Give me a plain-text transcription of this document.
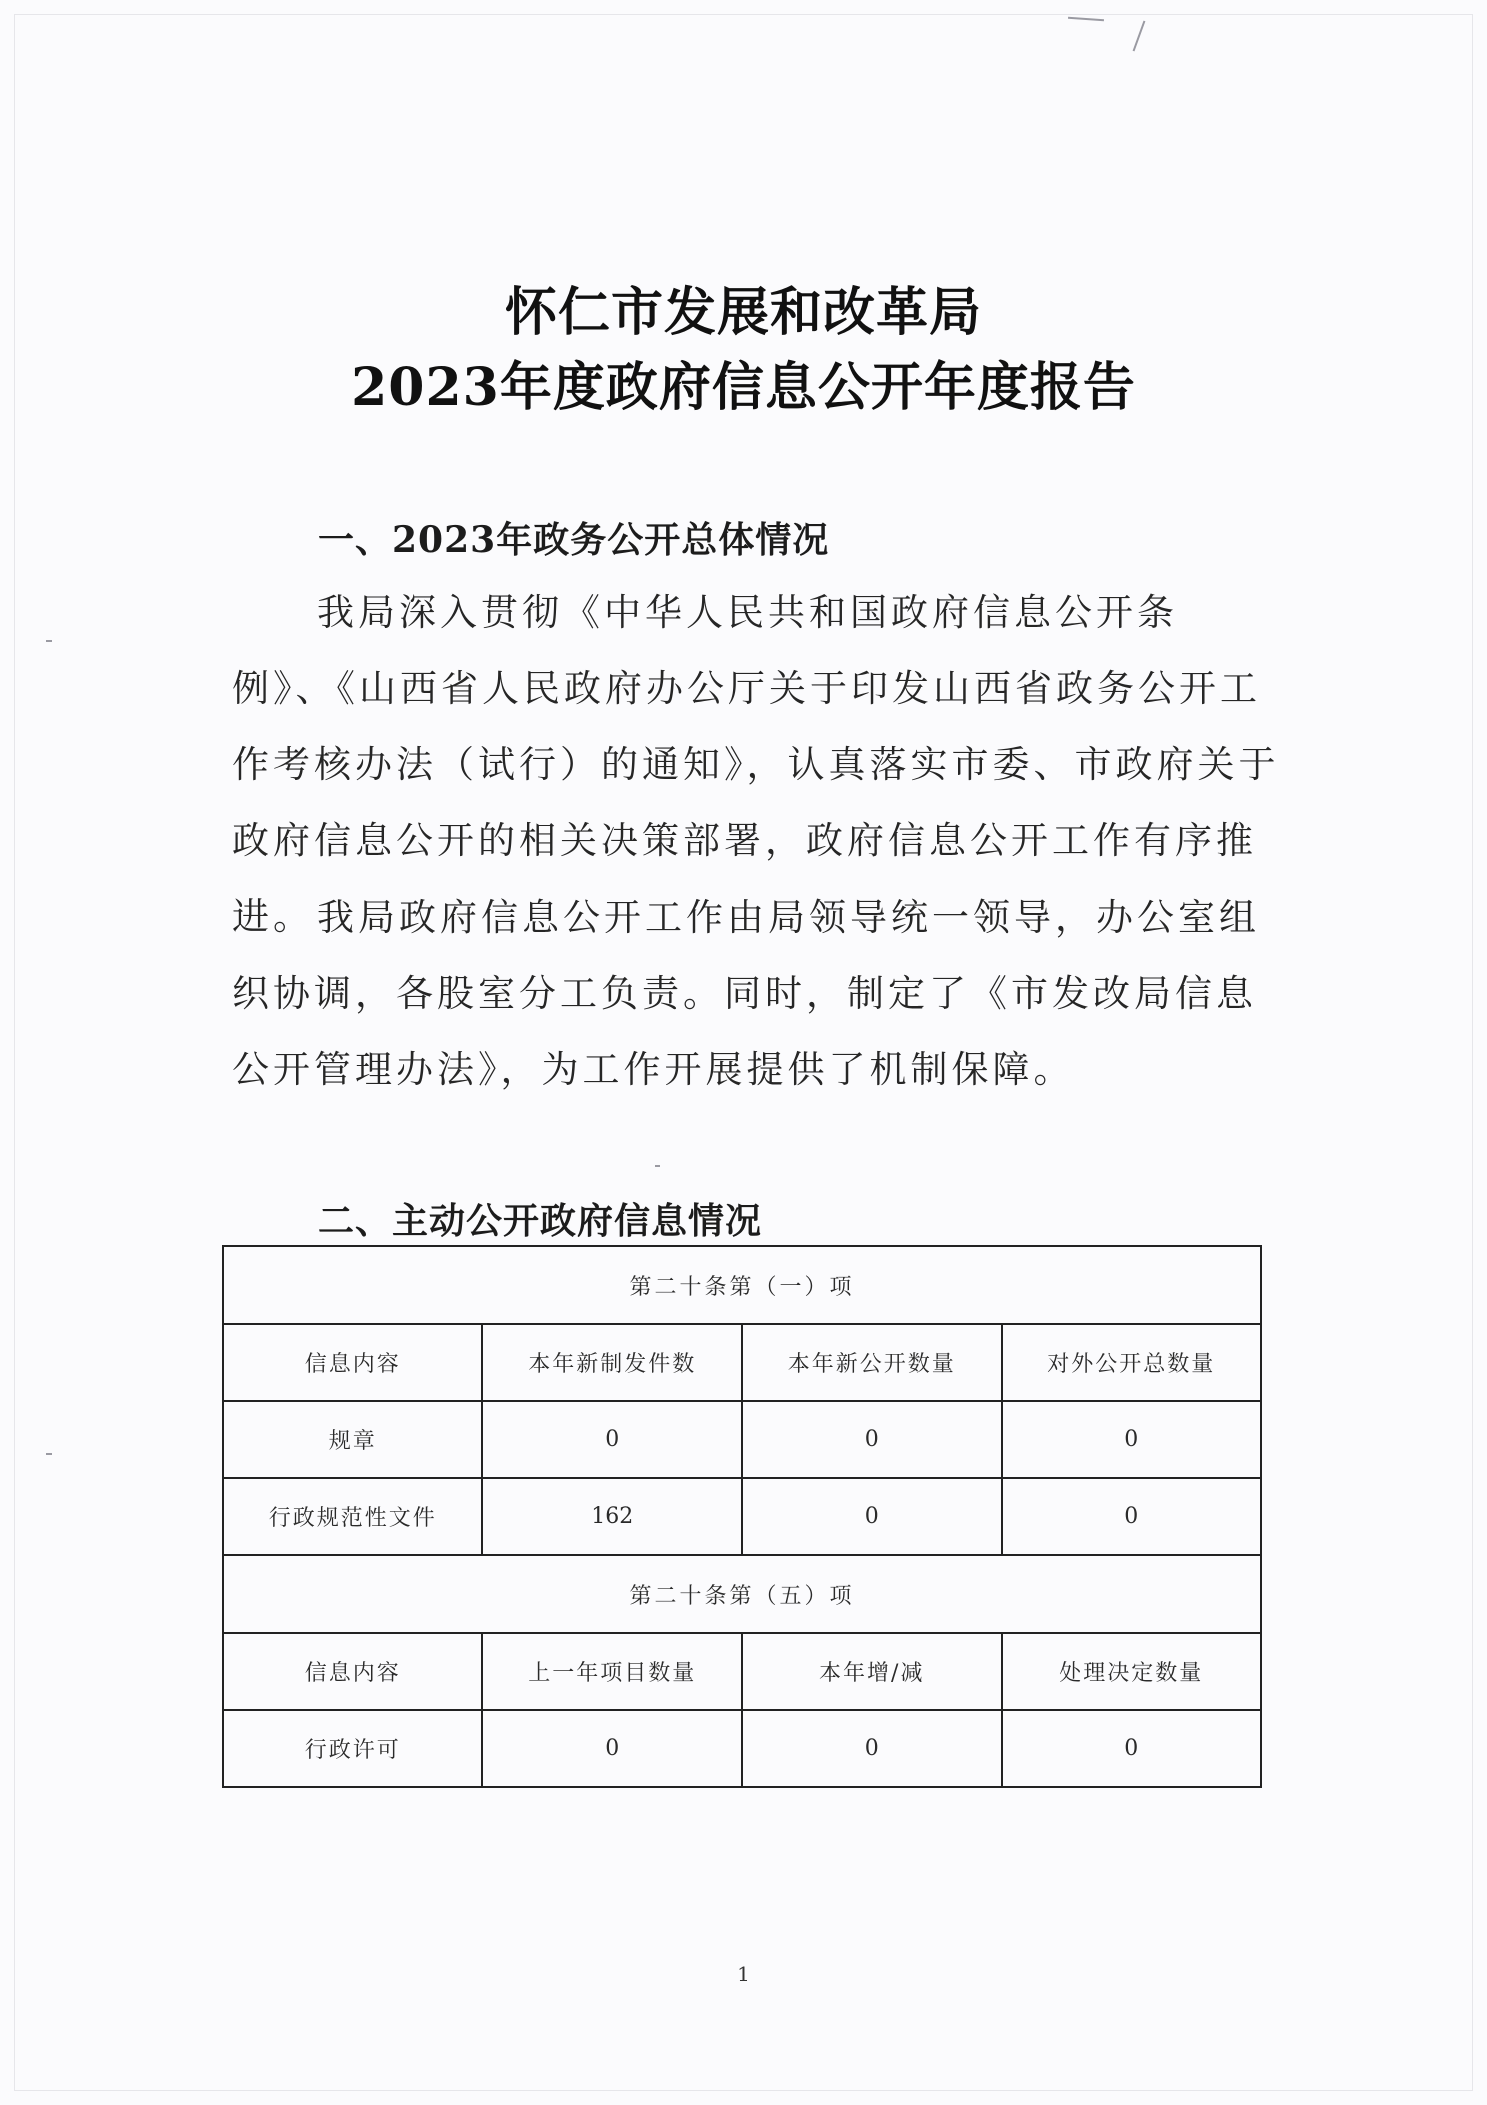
怀仁市发展和改革局
2023年度政府信息公开年度报告
一、2023年政务公开总体情况
我局深入贯彻《中华人民共和国政府信息公开条例》、《山西省人民政府办公厅关于印发山西省政务公开工作考核办法（试行）的通知》，认真落实市委、市政府关于政府信息公开的相关决策部署，政府信息公开工作有序推进。 我局政府信息公开工作由局领导统一领导，办公室组织协调，各股室分工负责。同时，制定了《市发改局信息公开管理办法》，为工作开展提供了机制保障。
二、主动公开政府信息情况
第二十条第（一）项			
信息内容	本年新制发件数	本年新公开数量	对外公开总数量
规章	0	0	0
行政规范性文件	162	0	0
第二十条第（五）项			
信息内容	上一年项目数量	本年增/减	处理决定数量
行政许可	0	0	0
1
